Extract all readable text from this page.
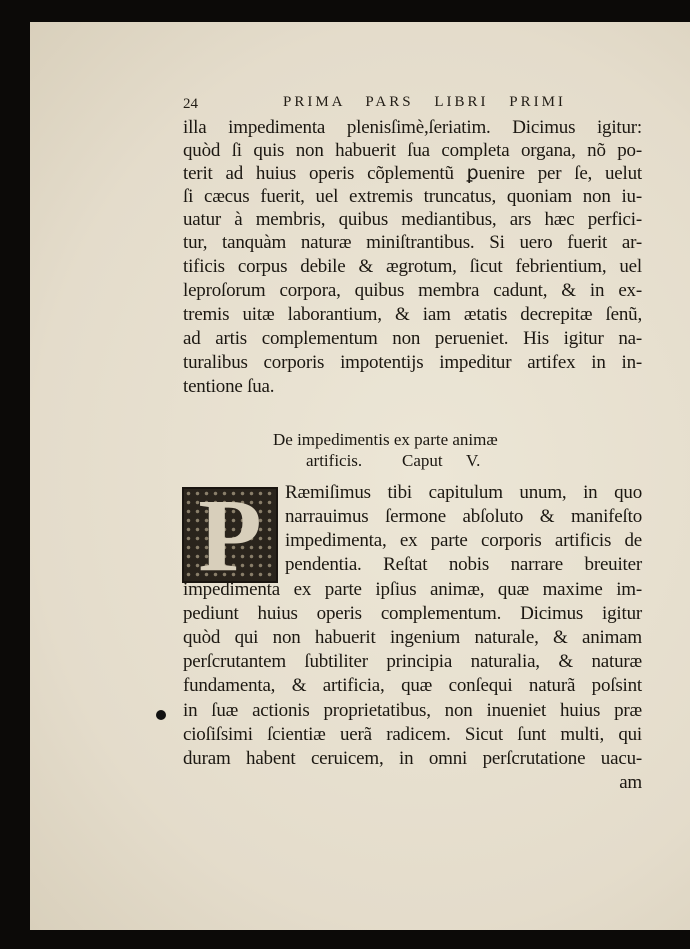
24	PRIMA PARS LIBRI PRIMI
illa impedimenta plenisſimè,ſeriatim. Dicimus igitur:
quòd ſi quis non habuerit ſua completa organa, nõ po-
terit ad huius operis cõplementũ ꝑuenire per ſe, uelut
ſi cæcus fuerit, uel extremis truncatus, quoniam non iu-
uatur à membris, quibus mediantibus, ars hæc perfici-
tur, tanquàm naturæ miniſtrantibus. Si uero fuerit ar-
tificis corpus debile & ægrotum, ſicut febrientium, uel
leproſorum corpora, quibus membra cadunt, & in ex-
tremis uitæ laborantium, & iam ætatis decrepitæ ſenũ,
ad artis complementum non perueniet. His igitur na-
turalibus corporis impotentijs impeditur artifex in in-
tentione ſua.
De impedimentis ex parte animæ
artificis. Caput V.
P	Ræmiſimus tibi capitulum unum, in quo
narrauimus ſermone abſoluto & manifeſto
impedimenta, ex parte corporis artificis de
pendentia. Reſtat nobis narrare breuiter
impedimenta ex parte ipſius animæ, quæ maxime im-
pediunt huius operis complementum. Dicimus igitur
quòd qui non habuerit ingenium naturale, & animam
perſcrutantem ſubtiliter principia naturalia, & naturæ
fundamenta, & artificia, quæ conſequi naturã poſsint
in ſuæ actionis proprietatibus, non inueniet huius præ
cioſiſsimi ſcientiæ uerã radicem. Sicut ſunt multi, qui
duram habent ceruicem, in omni perſcrutatione uacu-
am
